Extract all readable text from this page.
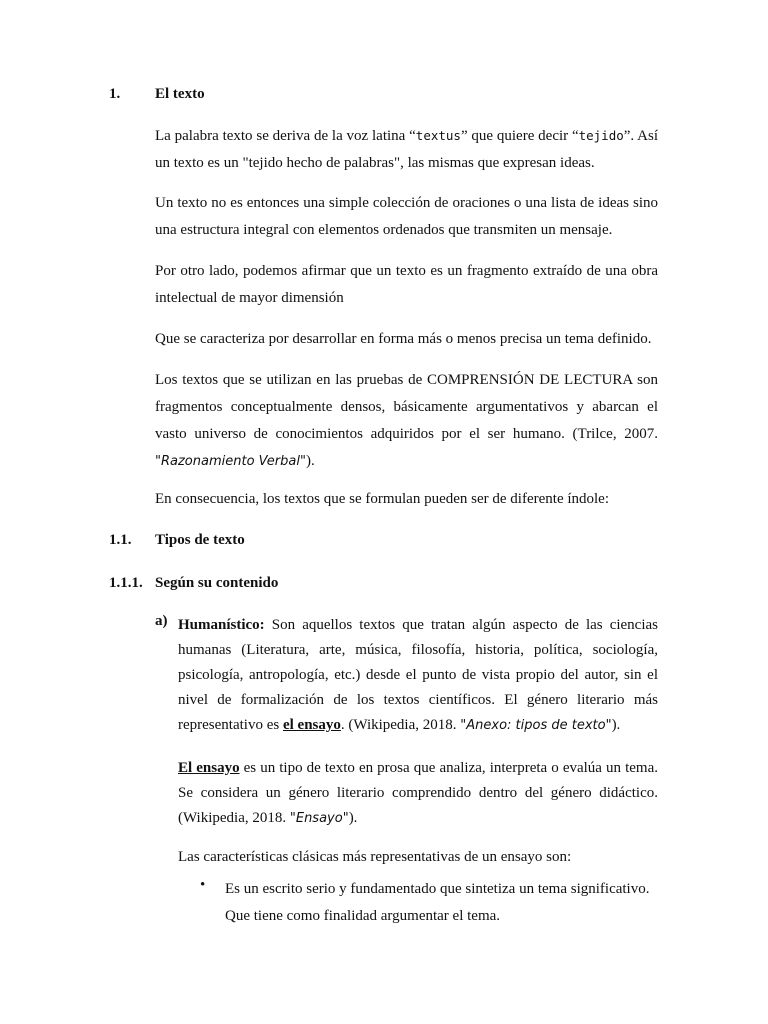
1. El texto

La palabra texto se deriva de la voz latina “textus” que quiere decir “tejido”. Así un texto es un "tejido hecho de palabras", las mismas que expresan ideas.

Un texto no es entonces una simple colección de oraciones o una lista de ideas sino una estructura integral con elementos ordenados que transmiten un mensaje.

Por otro lado, podemos afirmar que un texto es un fragmento extraído de una obra intelectual de mayor dimensión

Que se caracteriza por desarrollar en forma más o menos precisa un tema definido.

Los textos que se utilizan en las pruebas de COMPRENSIÓN DE LECTURA son fragmentos conceptualmente densos, básicamente argumentativos y abarcan el vasto universo de conocimientos adquiridos por el ser humano. (Trilce, 2007. "Razonamiento Verbal").

En consecuencia, los textos que se formulan pueden ser de diferente índole:

1.1. Tipos de texto
1.1.1. Según su contenido
a) Humanístico: Son aquellos textos que tratan algún aspecto de las ciencias humanas (Literatura, arte, música, filosofía, historia, política, sociología, psicología, antropología, etc.) desde el punto de vista propio del autor, sin el nivel de formalización de los textos científicos. El género literario más representativo es el ensayo. (Wikipedia, 2018. "Anexo: tipos de texto").

El ensayo es un tipo de texto en prosa que analiza, interpreta o evalúa un tema. Se considera un género literario comprendido dentro del género didáctico. (Wikipedia, 2018. "Ensayo").

Las características clásicas más representativas de un ensayo son:

• Es un escrito serio y fundamentado que sintetiza un tema significativo. Que tiene como finalidad argumentar el tema.
